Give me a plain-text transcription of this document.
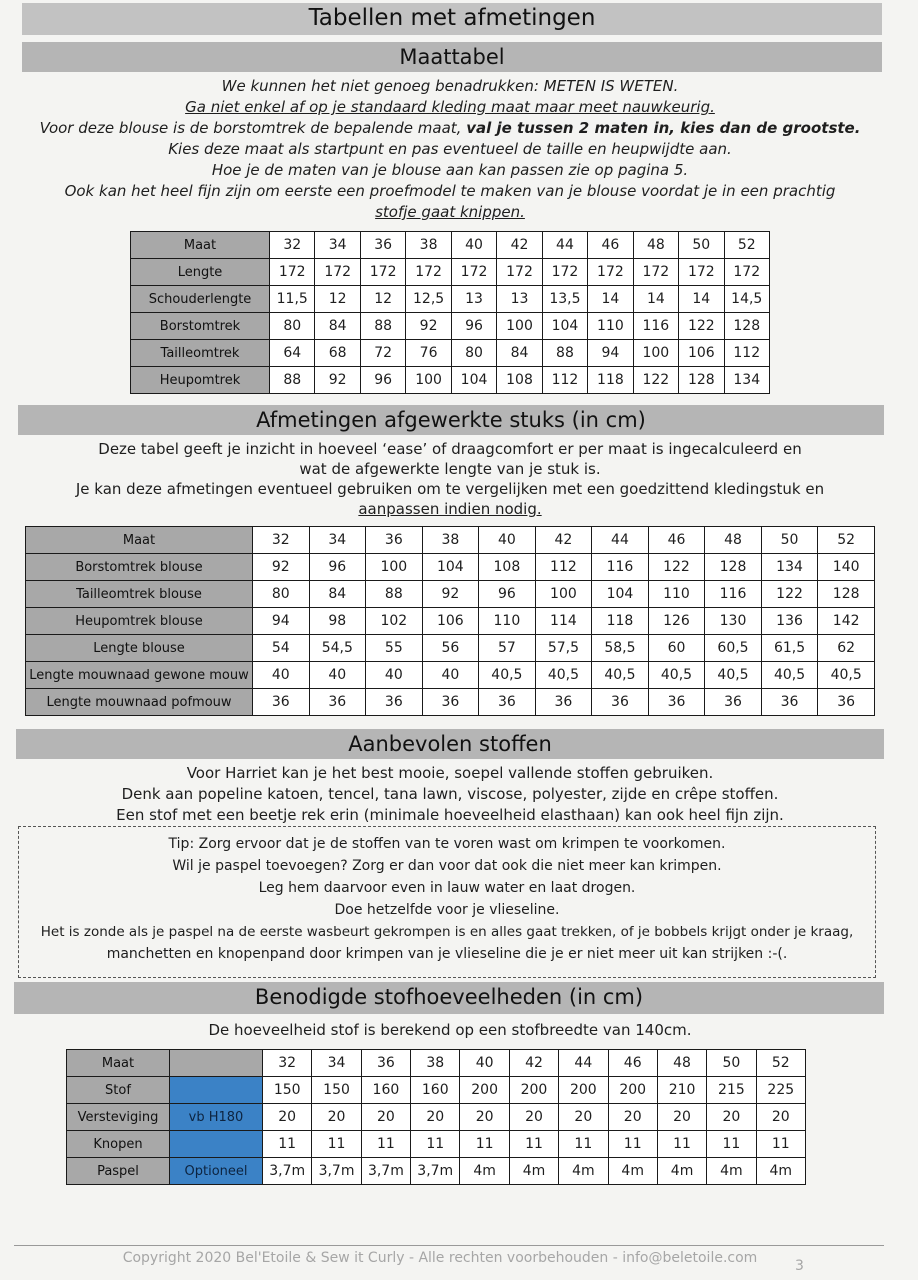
Tabellen met afmetingen
Maattabel

We kunnen het niet genoeg benadrukken: METEN IS WETEN.

Ga niet enkel af op je standaard kleding maat maar meet nauwkeurig.

Voor deze blouse is de borstomtrek de bepalende maat, val je tussen 2 maten in, kies dan de grootste.

Kies deze maat als startpunt en pas eventueel de taille en heupwijdte aan.

Hoe je de maten van je blouse aan kan passen zie op pagina 5.

Ook kan het heel fijn zijn om eerste een proefmodel te maken van je blouse voordat je in een prachtig

stofje gaat knippen.

Maat	32	34	36	38	40	42	44	46	48	50	52
Lengte	172	172	172	172	172	172	172	172	172	172	172
Schouderlengte	11,5	12	12	12,5	13	13	13,5	14	14	14	14,5
Borstomtrek	80	84	88	92	96	100	104	110	116	122	128
Tailleomtrek	64	68	72	76	80	84	88	94	100	106	112
Heupomtrek	88	92	96	100	104	108	112	118	122	128	134
Afmetingen afgewerkte stuks (in cm)

Deze tabel geeft je inzicht in hoeveel ‘ease’ of draagcomfort er per maat is ingecalculeerd en

wat de afgewerkte lengte van je stuk is.

Je kan deze afmetingen eventueel gebruiken om te vergelijken met een goedzittend kledingstuk en

aanpassen indien nodig.

Maat	32	34	36	38	40	42	44	46	48	50	52
Borstomtrek blouse	92	96	100	104	108	112	116	122	128	134	140
Tailleomtrek blouse	80	84	88	92	96	100	104	110	116	122	128
Heupomtrek blouse	94	98	102	106	110	114	118	126	130	136	142
Lengte blouse	54	54,5	55	56	57	57,5	58,5	60	60,5	61,5	62
Lengte mouwnaad gewone mouw	40	40	40	40	40,5	40,5	40,5	40,5	40,5	40,5	40,5
Lengte mouwnaad pofmouw	36	36	36	36	36	36	36	36	36	36	36
Aanbevolen stoffen

Voor Harriet kan je het best mooie, soepel vallende stoffen gebruiken.

Denk aan popeline katoen, tencel, tana lawn, viscose, polyester, zijde en crêpe stoffen.

Een stof met een beetje rek erin (minimale hoeveelheid elasthaan) kan ook heel fijn zijn.

Tip: Zorg ervoor dat je de stoffen van te voren wast om krimpen te voorkomen.

Wil je paspel toevoegen? Zorg er dan voor dat ook die niet meer kan krimpen.

Leg hem daarvoor even in lauw water en laat drogen.

Doe hetzelfde voor je vlieseline.

Het is zonde als je paspel na de eerste wasbeurt gekrompen is en alles gaat trekken, of je bobbels krijgt onder je kraag,

manchetten en knopenpand door krimpen van je vlieseline die je er niet meer uit kan strijken :-(.

Benodigde stofhoeveelheden (in cm)

De hoeveelheid stof is berekend op een stofbreedte van 140cm.

Maat		32	34	36	38	40	42	44	46	48	50	52
Stof		150	150	160	160	200	200	200	200	210	215	225
Versteviging	vb H180	20	20	20	20	20	20	20	20	20	20	20
Knopen		11	11	11	11	11	11	11	11	11	11	11
Paspel	Optioneel	3,7m	3,7m	3,7m	3,7m	4m	4m	4m	4m	4m	4m	4m
Copyright 2020 Bel'Etoile & Sew it Curly - Alle rechten voorbehouden - info@beletoile.com	3
